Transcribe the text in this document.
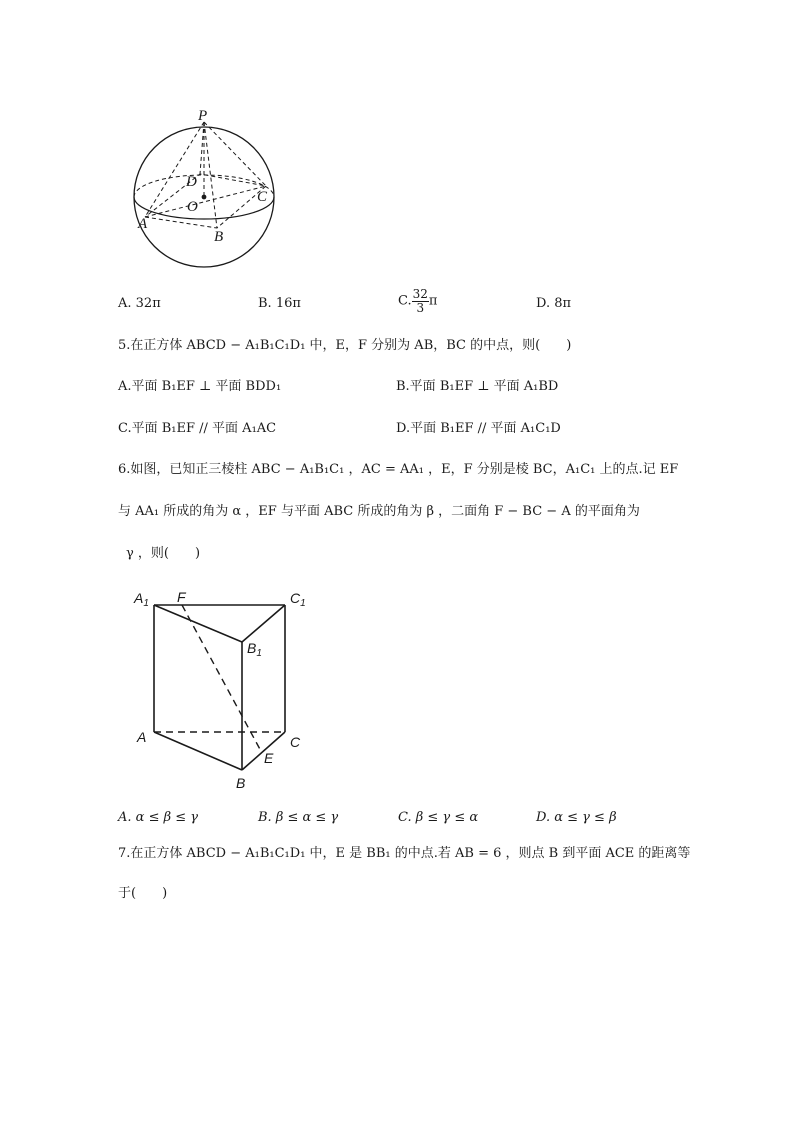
P
D
O
C
A
B
A. 32π	B. 16π	C. $\frac{32}{3}$ π	D. 8π
5.在正方体 ABCD − A₁B₁C₁D₁ 中，E，F 分别为 AB，BC 的中点，则(　　)
A.平面 B₁EF ⊥ 平面 BDD₁	B.平面 B₁EF ⊥ 平面 A₁BD
C.平面 B₁EF // 平面 A₁AC	D.平面 B₁EF // 平面 A₁C₁D
6.如图，已知正三棱柱 ABC − A₁B₁C₁ ，AC = AA₁ ，E，F 分别是棱 BC，A₁C₁ 上的点.记 EF
与 AA₁ 所成的角为 α ，EF 与平面 ABC 所成的角为 β ，二面角 F − BC − A 的平面角为
γ ，则(　　)
$A_1$ F	$C_1$
$B_1$
A	C
E
B
A. α ≤ β ≤ γ	B. β ≤ α ≤ γ	C. β ≤ γ ≤ α	D. α ≤ γ ≤ β
7.在正方体 ABCD − A₁B₁C₁D₁ 中，E 是 BB₁ 的中点.若 AB = 6 ，则点 B 到平面 ACE 的距离等
于(　　)
